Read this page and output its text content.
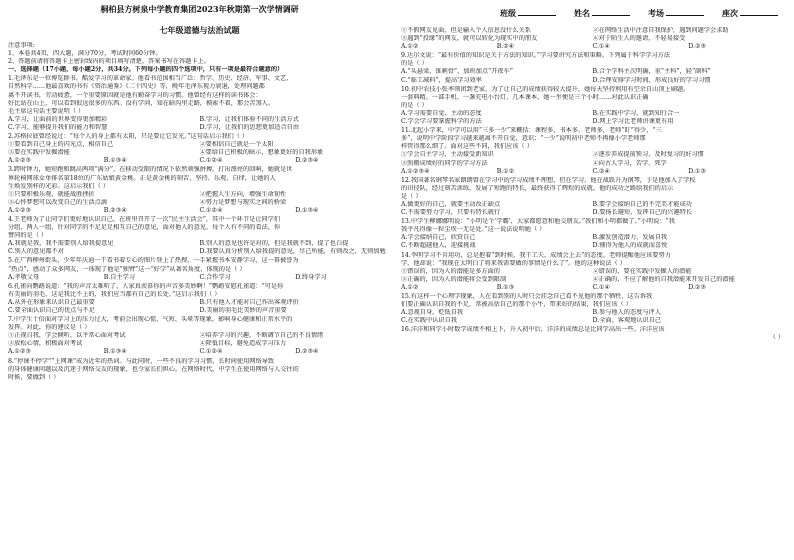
桐柏县方树泉中学教育集团2023年秋期第一次学情调研
七年级道德与法治试题
注意事项:
1、本卷共4页，四大题，满分70分，考试时间60分钟。
2、答题前请将答题卡上密封线内的项目填写清楚，答案书写在答题卡上。
一、选择题（17小题，每小题2分，共34分。下列每小题的四个选项中，只有一项是最符合题意的）
1.毛泽东是一位博览群书、酷爱学习的革命家。他看书范围相当广泛：哲学、历史、经济、军事、文艺、
自然科学……他最喜欢的书有《资治通鉴》《二十四史》等，晚年毛泽东视力衰退，处理问题都
离不开读书，劳动疲惫，一个重要原因就是他有勤奋学习的习惯。他曾经有这样的读书体会：
好比站在山上，可以看到很远很多的东西。没有学问，知在暗沟里走路，摸索不着，那会苦煞人。
毛主席这句话主要说明（ ）
A.学习，让面前的世界变得更加精彩	B.学习，让我们体验不同的生活方式
C.学习，能够提升我们的能力和智慧	D.学习，让我们的思想更加适合自由
2.苏格拉底曾经说过：“每个人的身上都有太阳，只是要让它发光。”这句话启示我们（ ）
①要看到自己身上的闪光点，相信自己	②要相信自己就是一个太阳
③要在实践中发掘潜能	④要给自己积极的暗示，想象更好的自我形象
A.①②③	B.①③④	C.①②④	D.②③④
3.跨时钟力，她短跑和跳高两项“满分”，在移动受限的情况下依然顽强拼搏，打出漂亮的回响，她就是世
界轮椅网球女单排名第18位的广东姑娘黄金桃。正是黄金桃的刻苦、坚持、乐观、自律，让她的人
生焕发别样的光彩。这启示我们（ ）
①只要积极乐观，就能战胜挫折	②把握人生方向，增强生命韧性
③心怀梦想可以改变自己的生活点滴	④努力是梦想与现实之间的桥梁
A.①②③	B.②③④	C.①②④	D.①③④
4.王老师为了让同学们更好地认识自己，在班里召开了一次“民主生活会”，其中一个环节是让同学们
分组，两人一组，针对同学的不足足足相互自己的意见，面对他人的意见，每个人有不同的看法，你
赞同的是（ ）
A.我就是我，我不需要别人给我提意见	B.别人的意见也许是对的，但是我就不到，提了也白提
C.别人的意见都不对	D.我要认真分析别人给我提的意见，尽己所能，有则改之，无则加勉
5.在广西柳州街头，少年年庆迪一干看书着专心的图片登上了热搜，一手紧握书本安静学习，这一幕被誉为
“热点”，感动了众多网友，一体现了他是“独臂”这一“好学”从著名角度，体现的是（ ）
A.孝敬父母	B.自主学习	C.合作学习	D.终身学习
6.孔雀向鹦鹉说道：“我的声音太难听了，人家真羡慕你的声音多美妙啊！”鹦鹉安慰孔雀道：“可是你
有美丽的羽毛，这是我比不上的，我们应当都有自己的长处。”这启示我们（ ）
A.从外在形象来认识自己最重要	B.只有他人才能对自己作出客观评价
C.要全面认识自己的优点与不足	D.美丽的羽毛比美妙的声音重要
7.中学生十倍面对学习上的压力过大，考前会出现心慌、气短、头晕等现象，影响身心健康和正常水平的
发挥。对此，你的建议是（ ）
①正视自我，学会倾听，以平常心面对考试	②培养学习的兴趣，不断调节自己的不良情绪
③放松心情，积极面对考试	④降低目标，避免造成学习压力
A.①②③	B.①③④	C.①②④	D.②③④
8.“停课不停学”“上网课”成为近年的热词。与此同时，一些不良的学习习惯、长时间使用网络导致
的身体健康问题以及沉迷于网络交友的现象，也令家长们担心。在网络时代，中学生在使用网络与人交往的
时候，要做到（ ）
班级	姓名	考场	座次
①不假网友见面，但是输入个人信息没什么关系	②在网络生活中注意自我保护，遇到问题学会求助
③遇到“投缘”的网友，就可以转化为现实中的朋友	④对于陌生人的邀请，不轻易接受
A.①②	B.②④	C.①④	D.②③
9.达尔文说：“最有价值的知识是关于方法的知识。”学习要讲究方法和策略。下列属于科学学习方法
的是（ ）
A.“头悬梁，锥刺骨”，加班加点“开夜车”	B.合个学科主次明确，重“主科”，轻“副科”
C.“临工减料”，提高学习效率	D.合理安排学习时间，形成良好的学习习惯
10.初中农技小张率领团到老家，为了让自己的成绩获得较大提升，她每天坚持利用有空余自山顶上刷题。
一套典精、一部手机、一盏充电小台灯、几本课本，她一坐便是三个小时……对此认识正确
的是（ ）
A.学习需要自觉、主动的态度	B.在实践中学习，就到知行合一
C.学会学习要掌握科学的方法	D.网上学习比老师讲课更有用
11.北起小学来，中学可以用“三多一少”来概括：课程多、书本多、老师多，老师“盯”得少，“三
多”，说明中学阶段学习越来越离不开自觉、意识；“一少”说明初中老师不再像小学老师那
样管得那么细了。面对这些不同，我们应该（ ）
①学会自主学习，主动接受新知识	②逐步养成提前预习，及时复习的好习惯
③照搬成绩好的同学的学习方法	④向古人学习，苦学、死学
A.①②③④	B.①②	C.②④	D.①③
12.我国著名钢琴名家朗朗曾在学习中的学习成绩不理想，但在学习，他在战跃升为钢琴，于是他加入了学校
的田径队，经过刻苦训练，发展了短跑的特长，最终获得了辉煌的成就。他的成功之路给我们的启示
是（ ）
A.做更好的自己，就要主动改正缺点	B.要学会接纳自己的不完美才能成功
C.不需要努力学习，只要有特长就行	D.要扬长避短，发挥自己的兴趣特长
13.中学生柳娜娜明说：“小明是个‘学霸’，大家都愿意和他交朋友。”我们和小明都做了。”小明说：“我
我平凡得像一粒尘埃一无是处。”这一说法说明她（ ）
A.学会接纳自己，欣赏自己	B.激发创造潜力，发展自我
C.不断超越他人，迎接挑战	D.懂得为他人的成就而喜悦
14.李明学习不肯用功，总是抱着“到时候，我干工夫，成绩会上去”的态度。老师提醒他应该要努力
学，他却说：“我现在太明白了将来我需要做的事情是什么了”。他的这种说法（ ）
①错误的，因为人的潜能是多方面的	②错误的，要在实践中发掘人的潜能
③正确的，因为人的潜能将会受到限制	④正确的，不应了解他的自我潜能来开发自己的潜能
A.①②	B.①③	C.①④	D.②③
15.有这样一个心理学现象，人在看到别的人时只会挂念自己看不见他的那个牺牲，这告诉我
们要正确认识自我的不足，常被高估自己的那个小牛，带来好的结果，我们应该（ ）
A.忽视自身，贬低自我	B.参与他人的态度与评人
C.在实践中认识自我	D.全面、客观地认识自己
16.洋洋和同学小时数学成绩不相上下，升入初中后，洋洋的成绩总是比同学高出一些。洋洋应该
（ ）
